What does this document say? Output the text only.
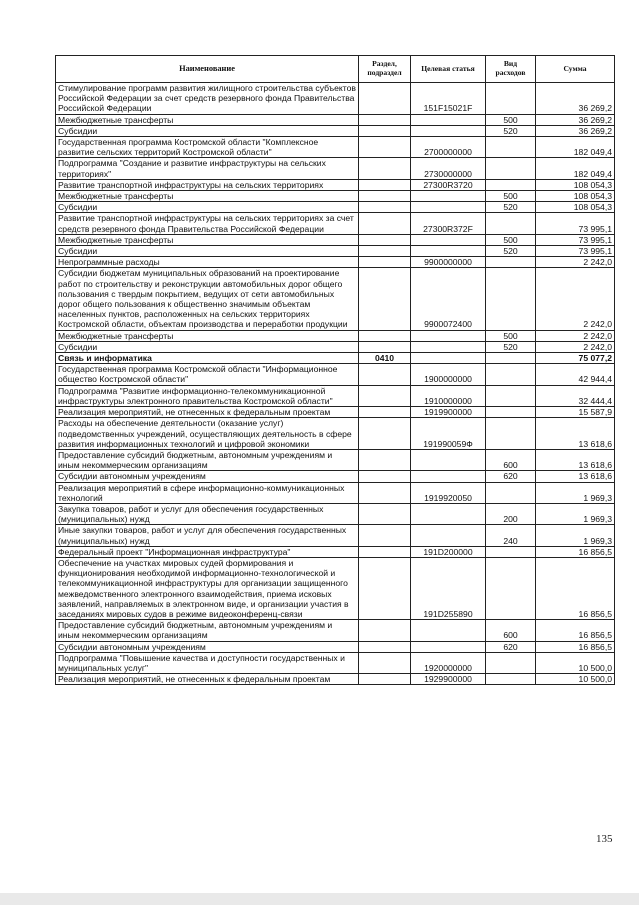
Наименование	Раздел, подраздел	Целевая статья	Вид расходов	Сумма
Стимулирование программ развития жилищного строительства субъектов Российской Федерации за счет средств резервного фонда Правительства Российской Федерации		151F15021F		36 269,2
Межбюджетные трансферты			500	36 269,2
Субсидии			520	36 269,2
Государственная программа Костромской области "Комплексное развитие сельских территорий Костромской области"		2700000000		182 049,4
Подпрограмма "Создание и развитие инфраструктуры на сельских территориях"		2730000000		182 049,4
Развитие транспортной инфраструктуры на сельских территориях		27300R3720		108 054,3
Межбюджетные трансферты			500	108 054,3
Субсидии			520	108 054,3
Развитие транспортной инфраструктуры на сельских территориях за счет средств резервного фонда Правительства Российской Федерации		27300R372F		73 995,1
Межбюджетные трансферты			500	73 995,1
Субсидии			520	73 995,1
Непрограммные расходы		9900000000		2 242,0
Субсидии бюджетам муниципальных образований на проектирование работ по строительству и реконструкции автомобильных дорог общего пользования с твердым покрытием, ведущих от сети автомобильных дорог общего пользования к общественно значимым объектам населенных пунктов, расположенных на сельских территориях Костромской области, объектам производства и переработки продукции		9900072400		2 242,0
Межбюджетные трансферты			500	2 242,0
Субсидии			520	2 242,0
Связь и информатика	0410			75 077,2
Государственная программа Костромской области "Информационное общество Костромской области"		1900000000		42 944,4
Подпрограмма "Развитие информационно-телекоммуникационной инфраструктуры электронного правительства Костромской области"		1910000000		32 444,4
Реализация мероприятий, не отнесенных к федеральным проектам		1919900000		15 587,9
Расходы на обеспечение деятельности (оказание услуг) подведомственных учреждений, осуществляющих деятельность в сфере развития информационных технологий и цифровой экономики		191990059Ф		13 618,6
Предоставление субсидий бюджетным, автономным учреждениям и иным некоммерческим организациям			600	13 618,6
Субсидии автономным учреждениям			620	13 618,6
Реализация мероприятий в сфере информационно-коммуникационных технологий		1919920050		1 969,3
Закупка товаров, работ и услуг для обеспечения государственных (муниципальных) нужд			200	1 969,3
Иные закупки товаров, работ и услуг для обеспечения государственных (муниципальных) нужд			240	1 969,3
Федеральный проект "Информационная инфраструктура"		191D200000		16 856,5
Обеспечение на участках мировых судей формирования и функционирования необходимой информационно-технологической и телекоммуникационной инфраструктуры для организации защищенного межведомственного электронного взаимодействия, приема исковых заявлений, направляемых в электронном виде, и организации участия в заседаниях мировых судов в режиме видеоконференц-связи		191D255890		16 856,5
Предоставление субсидий бюджетным, автономным учреждениям и иным некоммерческим организациям			600	16 856,5
Субсидии автономным учреждениям			620	16 856,5
Подпрограмма "Повышение качества и доступности государственных и муниципальных услуг"		1920000000		10 500,0
Реализация мероприятий, не отнесенных к федеральным проектам		1929900000		10 500,0
135
